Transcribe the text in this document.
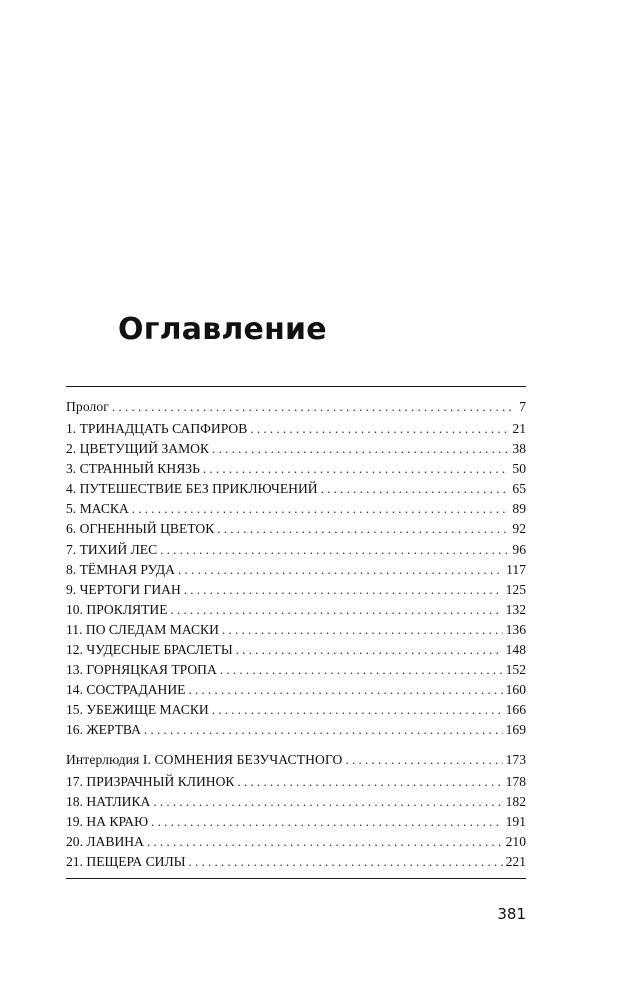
Оглавление
Пролог . . .	7
1. ТРИНАДЦАТЬ САПФИРОВ . . .	21
2. ЦВЕТУЩИЙ ЗАМОК . . .	38
3. СТРАННЫЙ КНЯЗЬ . . .	50
4. ПУТЕШЕСТВИЕ БЕЗ ПРИКЛЮЧЕНИЙ . . .	65
5. МАСКА . . .	89
6. ОГНЕННЫЙ ЦВЕТОК . . .	92
7. ТИХИЙ ЛЕС . . .	96
8. ТЁМНАЯ РУДА . . .	117
9. ЧЕРТОГИ ГИАН . . .	125
10. ПРОКЛЯТИЕ . . .	132
11. ПО СЛЕДАМ МАСКИ . . .	136
12. ЧУДЕСНЫЕ БРАСЛЕТЫ . . .	148
13. ГОРНЯЦКАЯ ТРОПА . . .	152
14. СОСТРАДАНИЕ . . .	160
15. УБЕЖИЩЕ МАСКИ . . .	166
16. ЖЕРТВА . . .	169
Интерлюдия I. СОМНЕНИЯ БЕЗУЧАСТНОГО . . .	173
17. ПРИЗРАЧНЫЙ КЛИНОК . . .	178
18. НАТЛИКА . . .	182
19. НА КРАЮ . . .	191
20. ЛАВИНА . . .	210
21. ПЕЩЕРА СИЛЫ . . .	221

381
